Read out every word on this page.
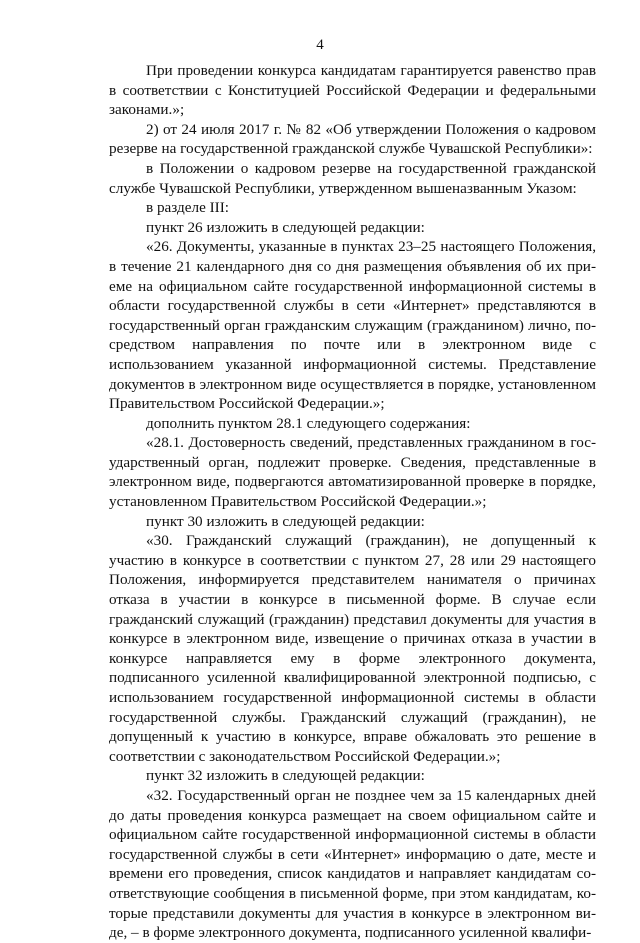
4

При проведении конкурса кандидатам гарантируется равенство прав в соответствии с Конституцией Российской Федерации и федеральными законами.»;

2) от 24 июля 2017 г. № 82 «Об утверждении Положения о кадровом резерве на государственной гражданской службе Чувашской Республики»:

в Положении о кадровом резерве на государственной гражданской службе Чувашской Республики, утвержденном вышеназванным Указом:

в разделе III:

пункт 26 изложить в следующей редакции:

«26. Документы, указанные в пунктах 23–25 настоящего Положения, в течение 21 календарного дня со дня размещения объявления об их приеме на официальном сайте государственной информационной системы в области государственной службы в сети «Интернет» представляются в государственный орган гражданским служащим (гражданином) лично, посредством направления по почте или в электронном виде с использованием указанной информационной системы. Представление документов в электронном виде осуществляется в порядке, установленном Правительством Российской Федерации.»;

дополнить пунктом 28.1 следующего содержания:

«28.1. Достоверность сведений, представленных гражданином в государственный орган, подлежит проверке. Сведения, представленные в электронном виде, подвергаются автоматизированной проверке в порядке, установленном Правительством Российской Федерации.»;

пункт 30 изложить в следующей редакции:

«30. Гражданский служащий (гражданин), не допущенный к участию в конкурсе в соответствии с пунктом 27, 28 или 29 настоящего Положения, информируется представителем нанимателя о причинах отказа в участии в конкурсе в письменной форме. В случае если гражданский служащий (гражданин) представил документы для участия в конкурсе в электронном виде, извещение о причинах отказа в участии в конкурсе направляется ему в форме электронного документа, подписанного усиленной квалифицированной электронной подписью, с использованием государственной информационной системы в области государственной службы. Гражданский служащий (гражданин), не допущенный к участию в конкурсе, вправе обжаловать это решение в соответствии с законодательством Российской Федерации.»;

пункт 32 изложить в следующей редакции:

«32. Государственный орган не позднее чем за 15 календарных дней до даты проведения конкурса размещает на своем официальном сайте и официальном сайте государственной информационной системы в области государственной службы в сети «Интернет» информацию о дате, месте и времени его проведения, список кандидатов и направляет кандидатам соответствующие сообщения в письменной форме, при этом кандидатам, которые представили документы для участия в конкурсе в электронном виде, – в форме электронного документа, подписанного усиленной квалифи-
